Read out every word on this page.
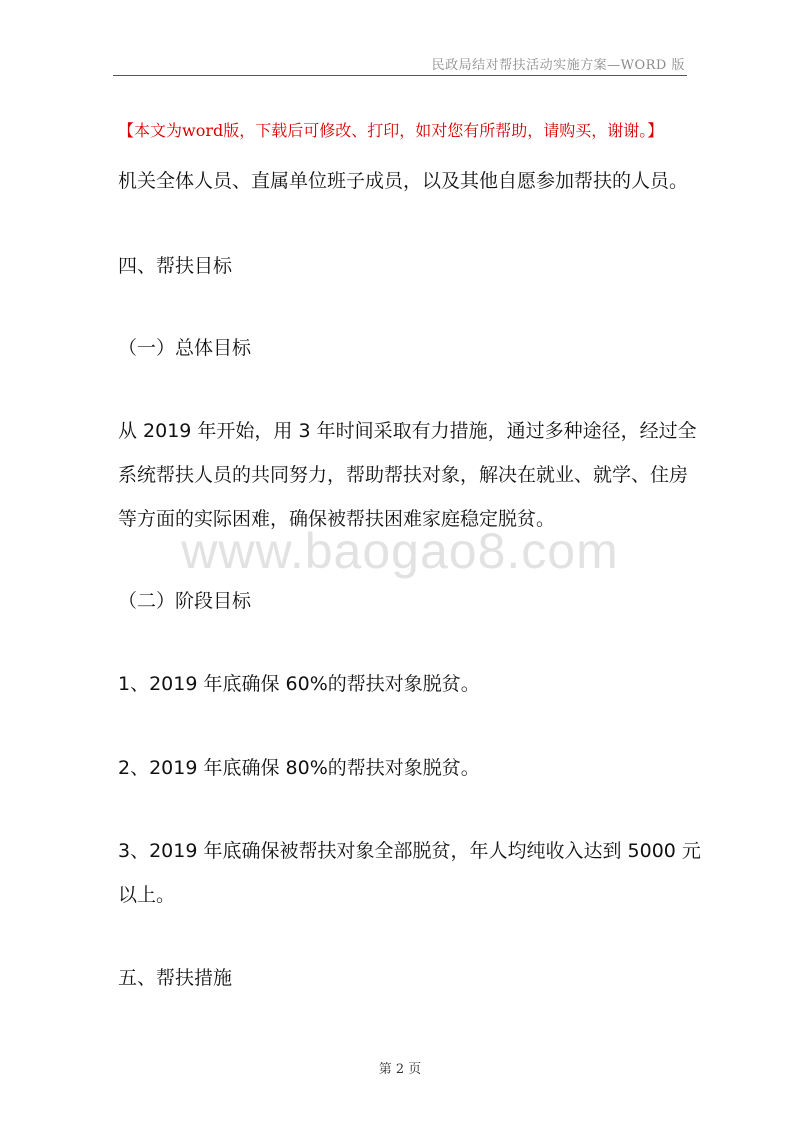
民政局结对帮扶活动实施方案—WORD 版
【本文为word版，下载后可修改、打印，如对您有所帮助，请购买，谢谢。】
机关全体人员、直属单位班子成员，以及其他自愿参加帮扶的人员。
四、帮扶目标
（一）总体目标
从 2019 年开始，用 3 年时间采取有力措施，通过多种途径，经过全
系统帮扶人员的共同努力，帮助帮扶对象，解决在就业、就学、住房
等方面的实际困难，确保被帮扶困难家庭稳定脱贫。
www.baogao8.com
（二）阶段目标
1、2019 年底确保 60%的帮扶对象脱贫。
2、2019 年底确保 80%的帮扶对象脱贫。
3、2019 年底确保被帮扶对象全部脱贫，年人均纯收入达到 5000 元
以上。
五、帮扶措施
第 2 页
